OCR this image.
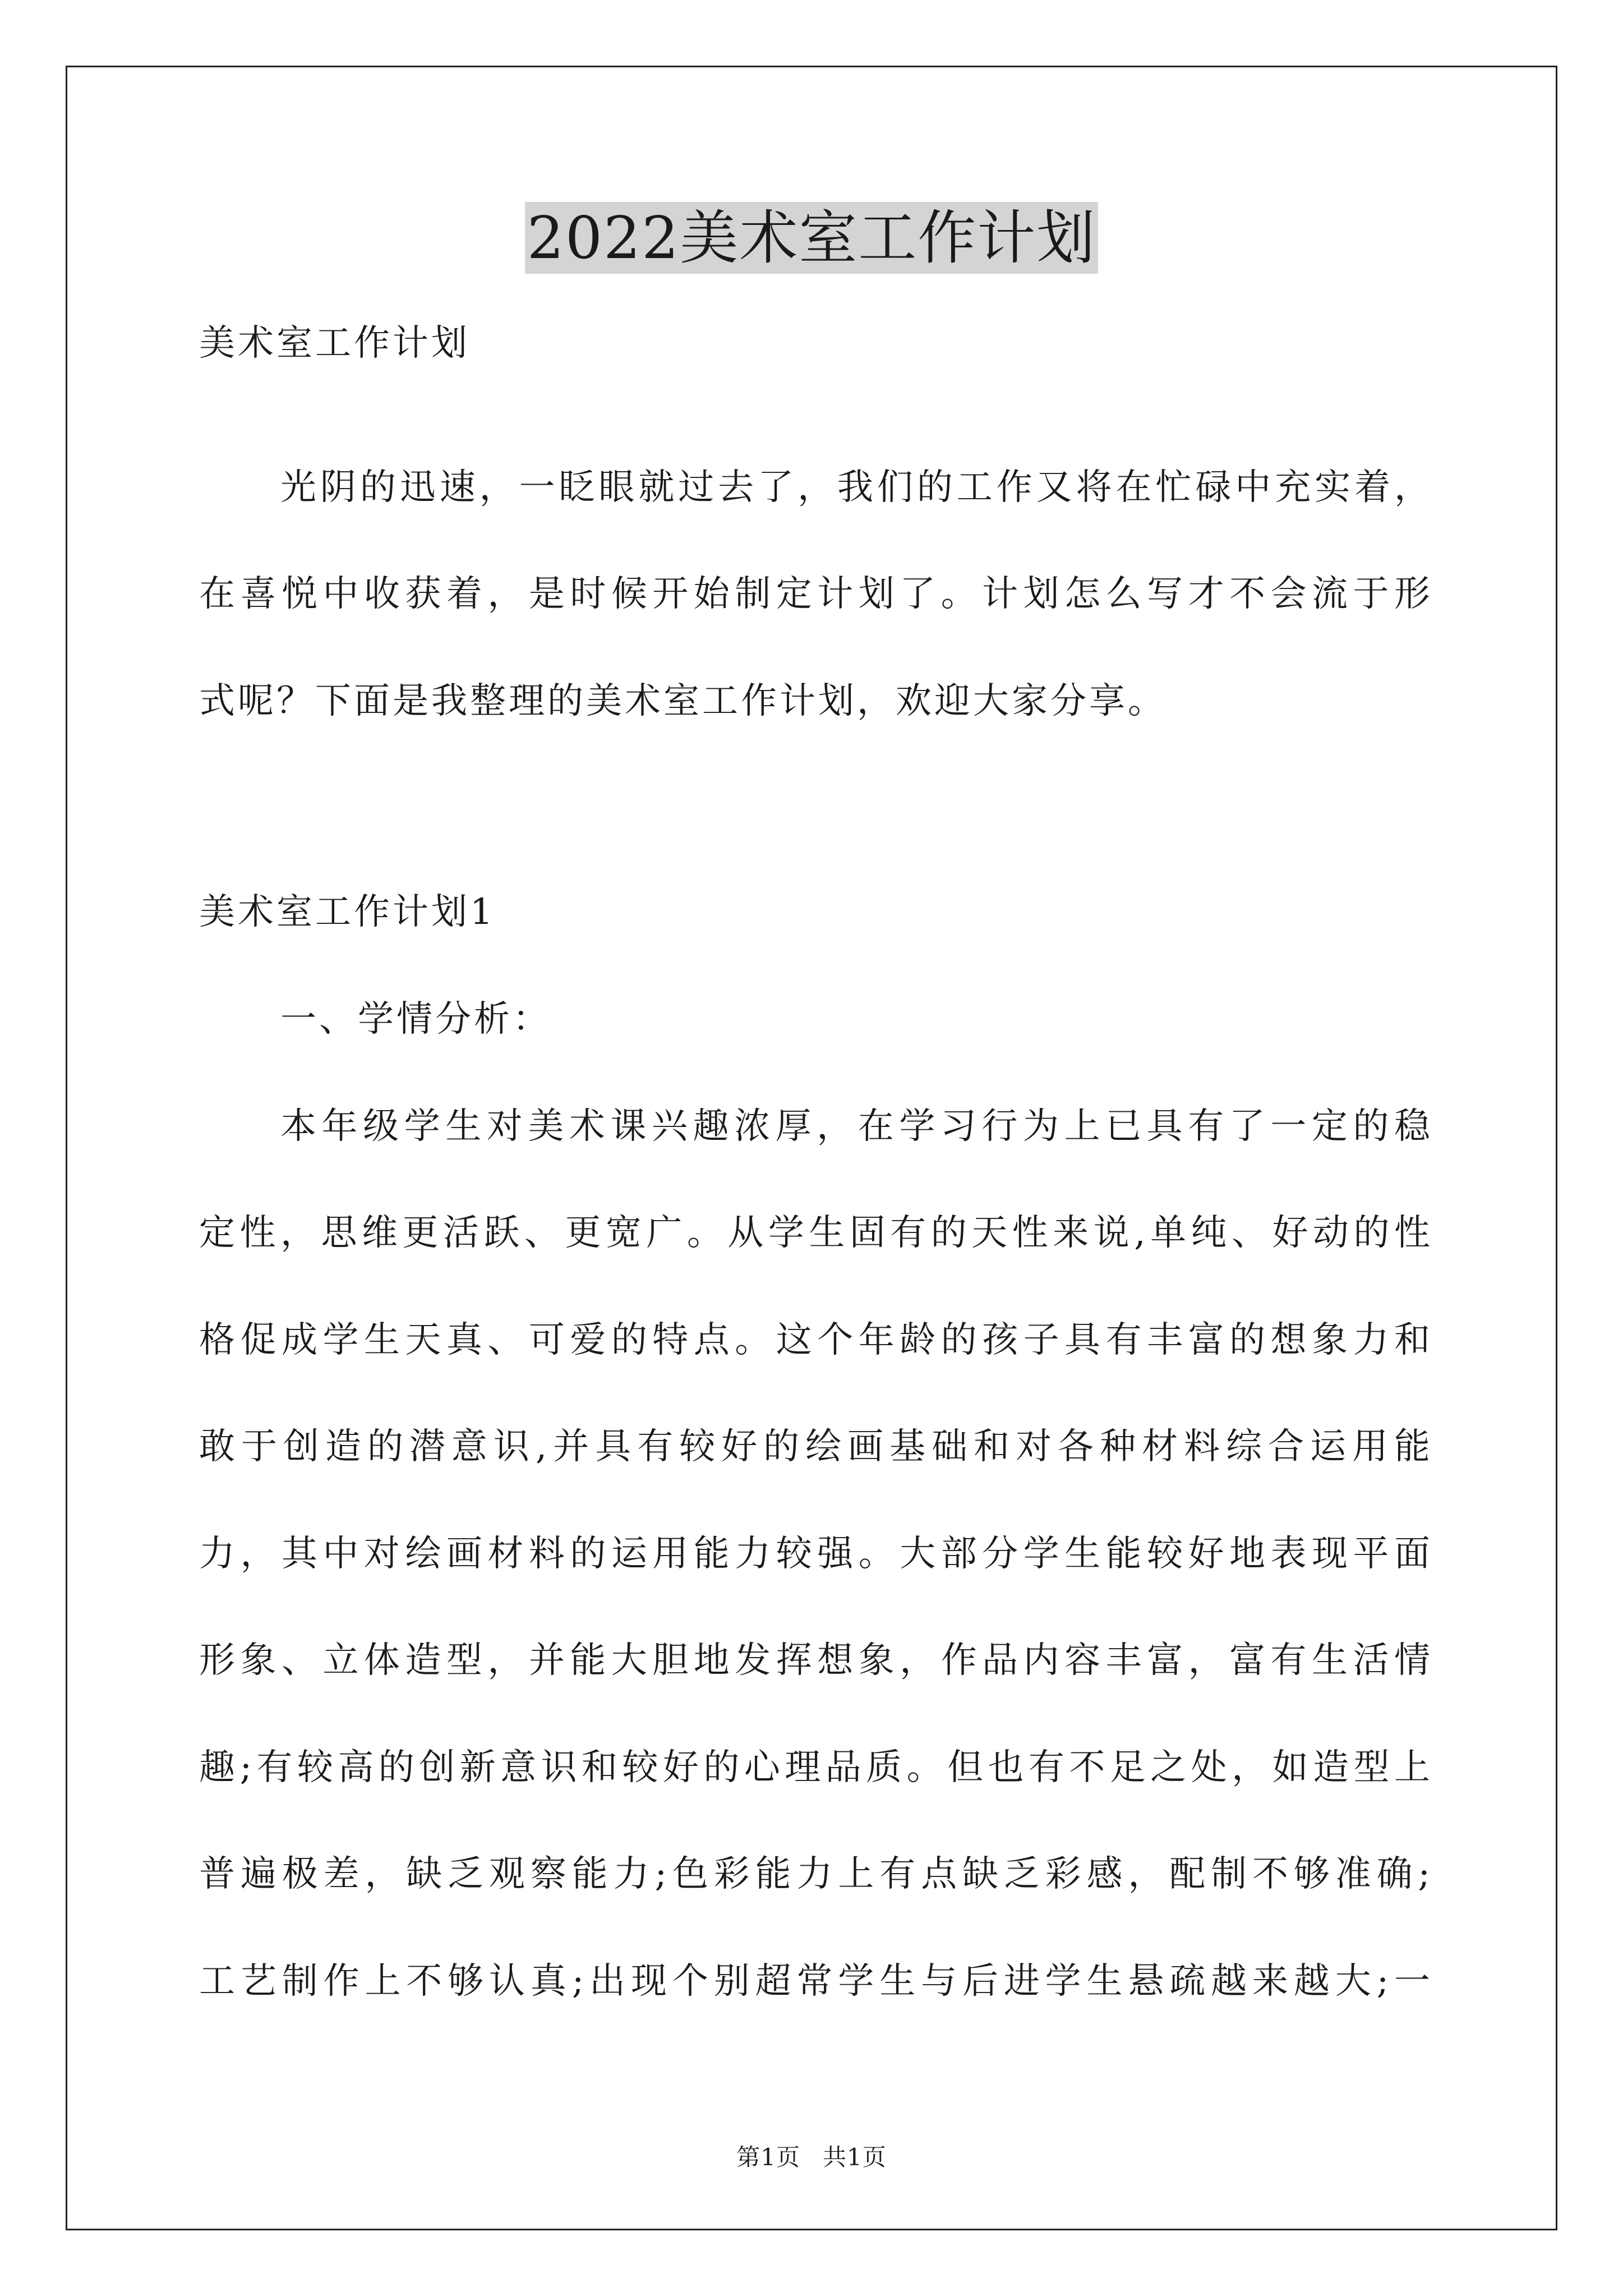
2022美术室工作计划
美术室工作计划
光阴的迅速，一眨眼就过去了，我们的工作又将在忙碌中充实着，
在喜悦中收获着，是时候开始制定计划了。计划怎么写才不会流于形
式呢？下面是我整理的美术室工作计划，欢迎大家分享。
美术室工作计划1
一、学情分析：
本年级学生对美术课兴趣浓厚，在学习行为上已具有了一定的稳
定性，思维更活跃、更宽广。从学生固有的天性来说,单纯、好动的性
格促成学生天真、可爱的特点。这个年龄的孩子具有丰富的想象力和
敢于创造的潜意识,并具有较好的绘画基础和对各种材料综合运用能
力，其中对绘画材料的运用能力较强。大部分学生能较好地表现平面
形象、立体造型，并能大胆地发挥想象，作品内容丰富，富有生活情
趣;有较高的创新意识和较好的心理品质。但也有不足之处，如造型上
普遍极差，缺乏观察能力;色彩能力上有点缺乏彩感，配制不够准确;
工艺制作上不够认真;出现个别超常学生与后进学生悬疏越来越大;一
第1页 共1页
